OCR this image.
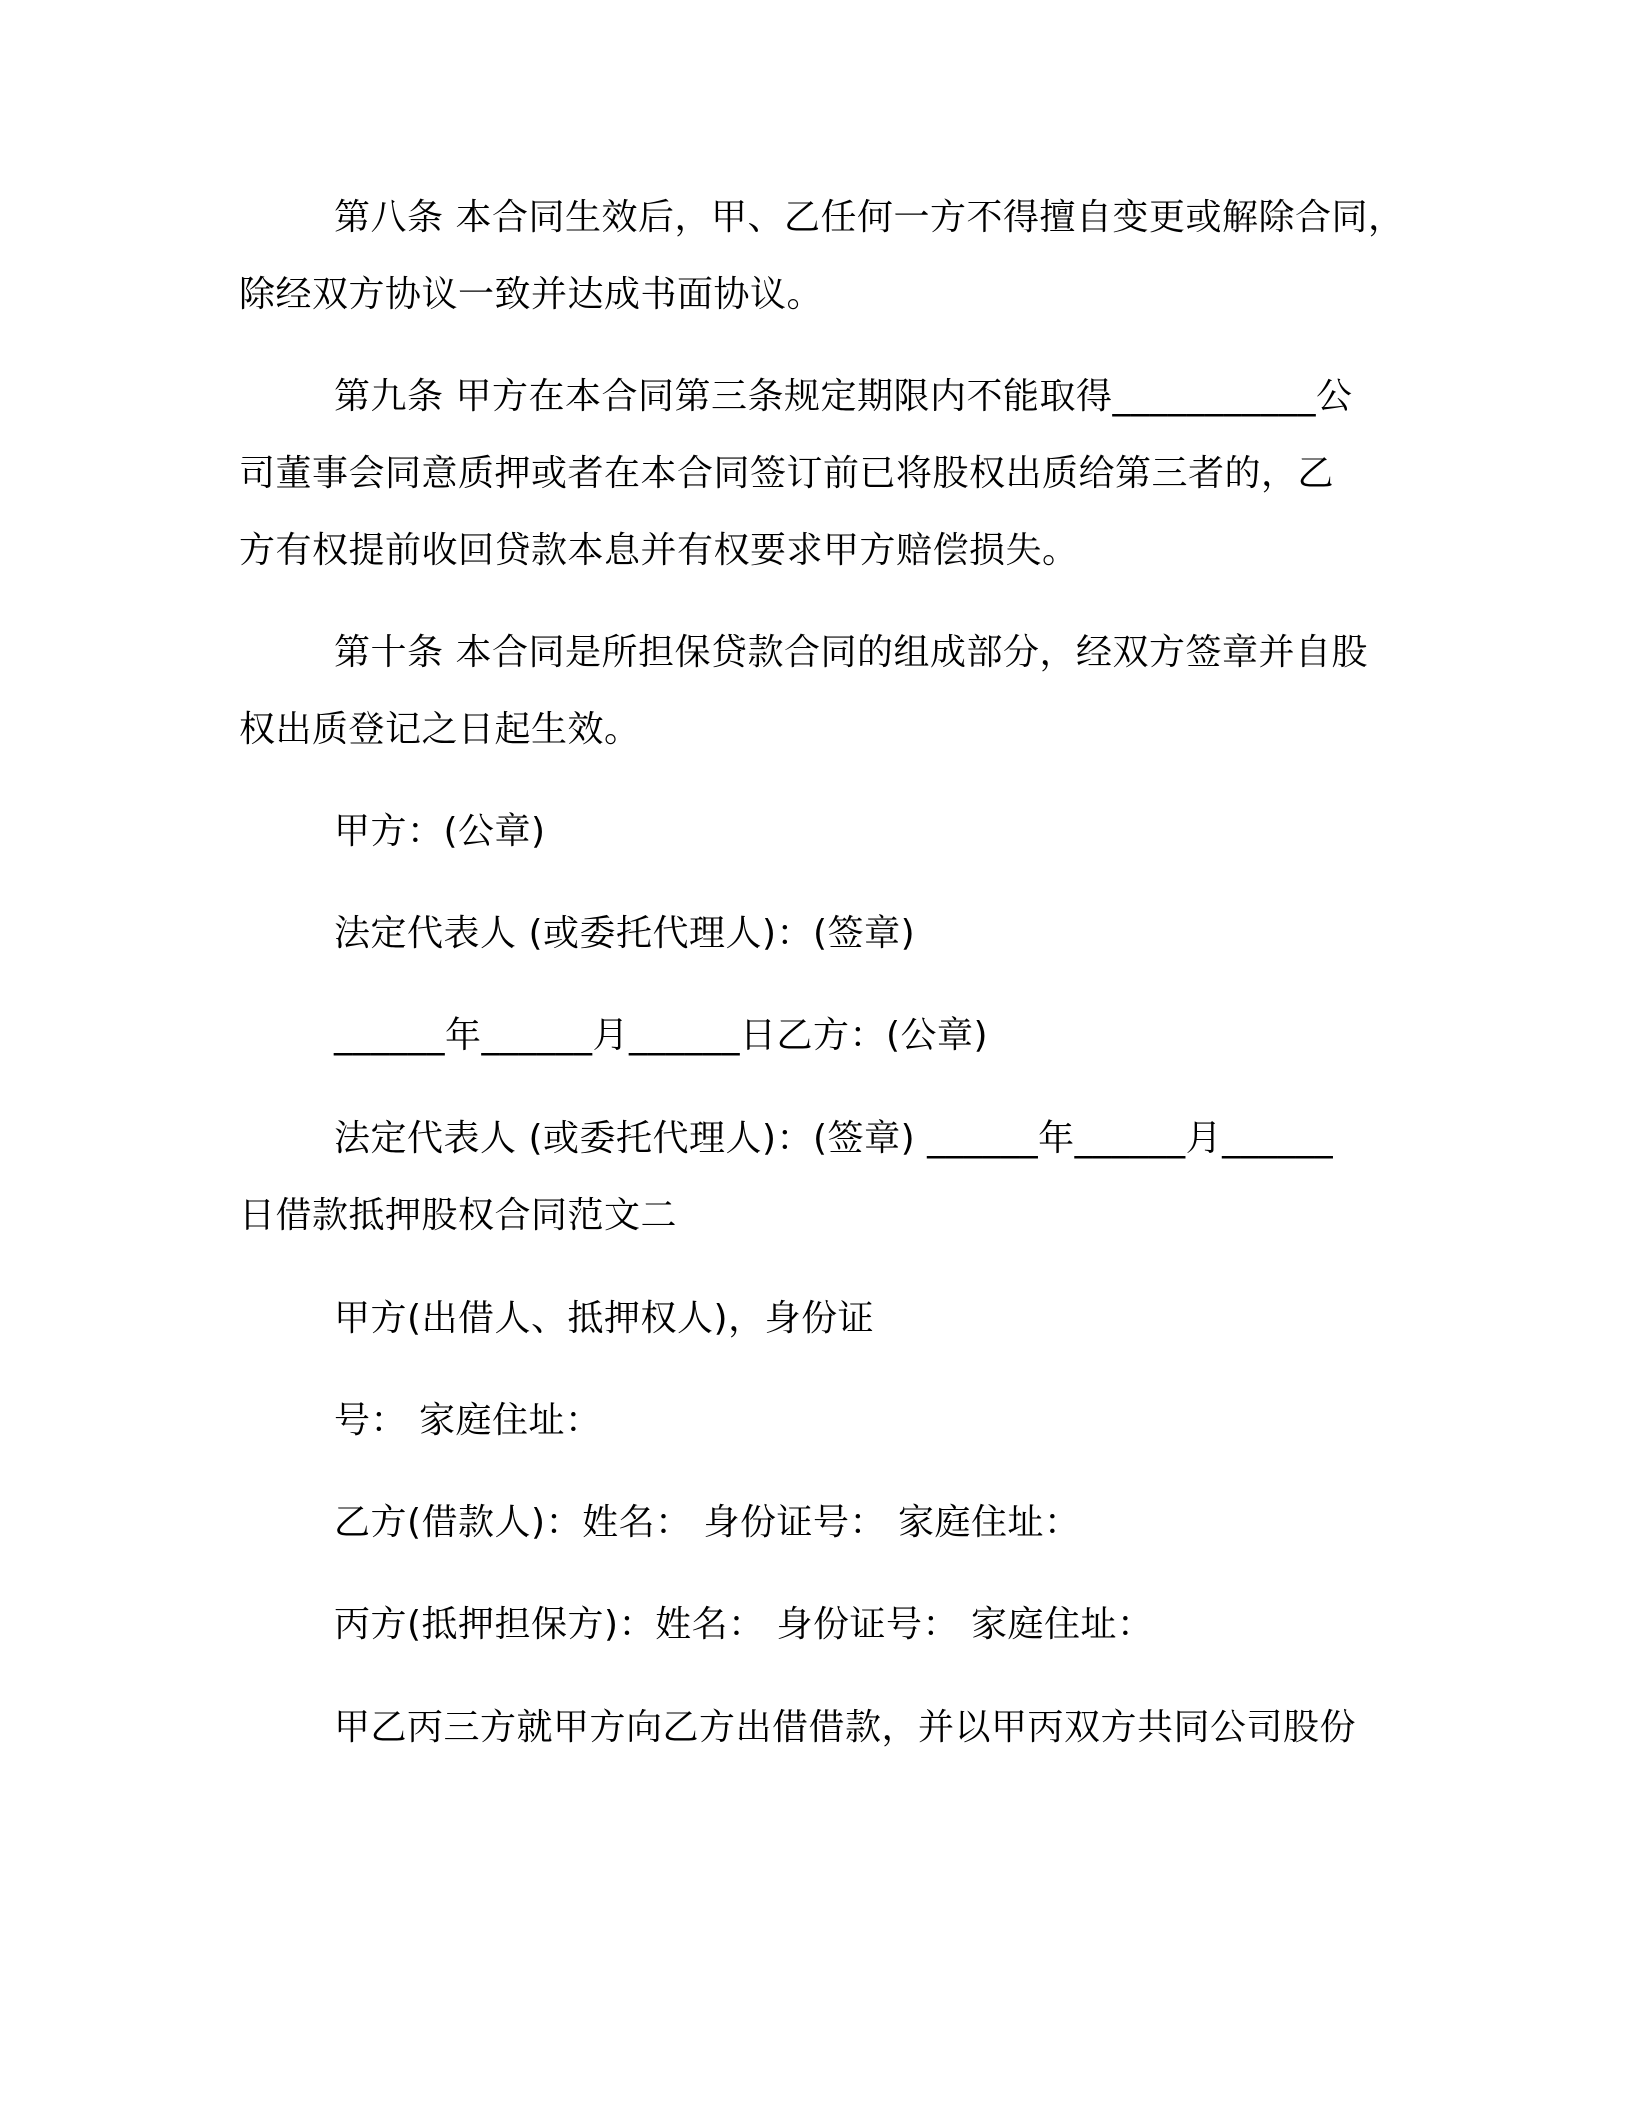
第八条 本合同生效后，甲、乙任何一方不得擅自变更或解除合同，
除经双方协议一致并达成书面协议。
第九条 甲方在本合同第三条规定期限内不能取得___________公
司董事会同意质押或者在本合同签订前已将股权出质给第三者的，乙
方有权提前收回贷款本息并有权要求甲方赔偿损失。
第十条 本合同是所担保贷款合同的组成部分，经双方签章并自股
权出质登记之日起生效。
甲方：(公章)
法定代表人 (或委托代理人)：(签章)
______年______月______日乙方：(公章)
法定代表人 (或委托代理人)：(签章) ______年______月______
日借款抵押股权合同范文二
甲方(出借人、抵押权人)，身份证
号： 家庭住址：
乙方(借款人)：姓名： 身份证号： 家庭住址：
丙方(抵押担保方)：姓名： 身份证号： 家庭住址：
甲乙丙三方就甲方向乙方出借借款，并以甲丙双方共同公司股份
